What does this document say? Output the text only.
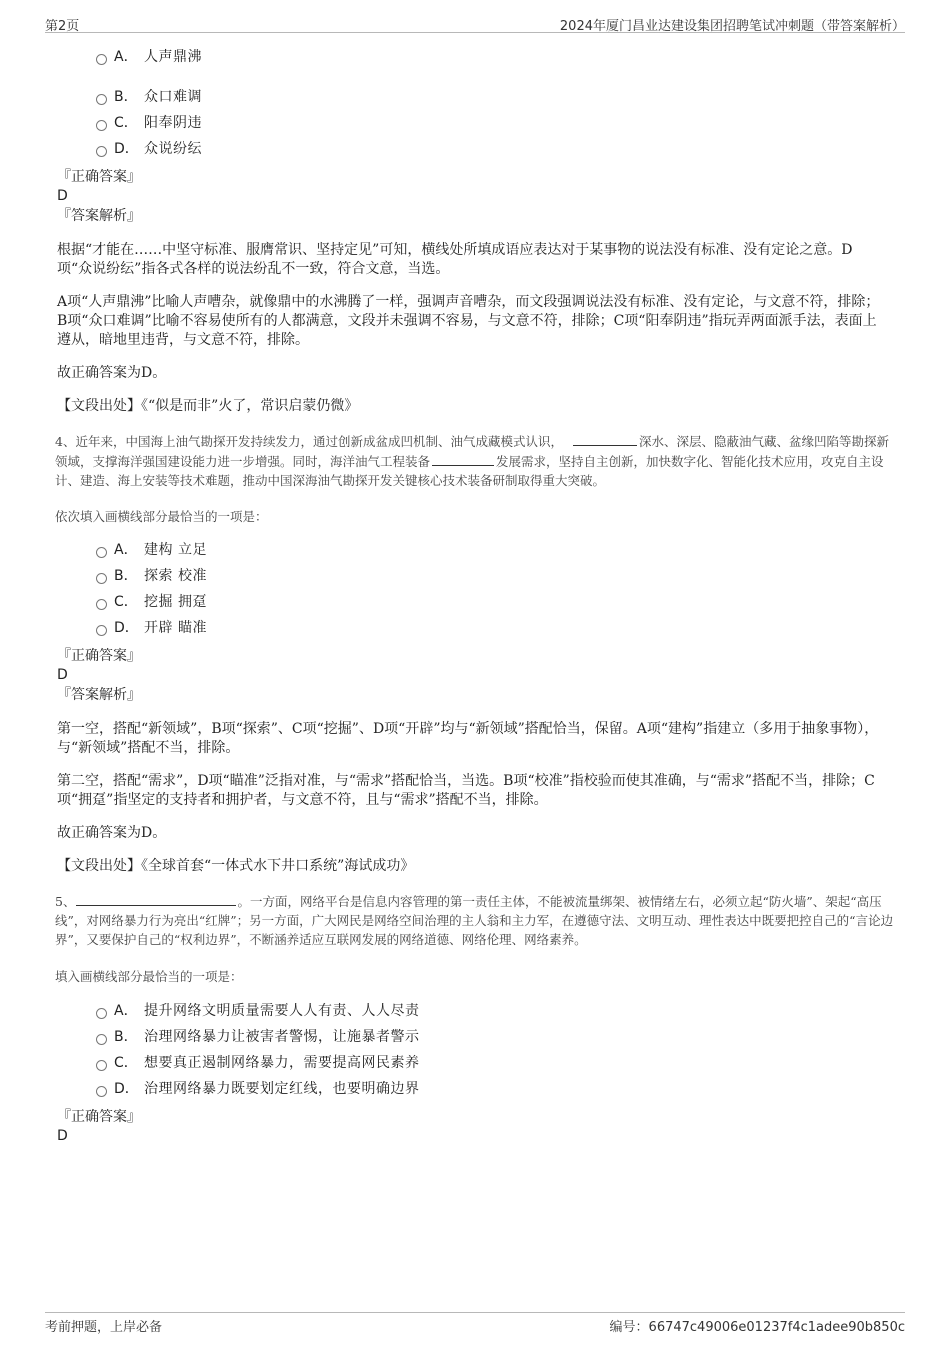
第2页	2024年厦门昌业达建设集团招聘笔试冲刺题（带答案解析）
A． 人声鼎沸
B． 众口难调
C． 阳奉阴违
D． 众说纷纭
『正确答案』
D
『答案解析』
根据“才能在……中坚守标准、服膺常识、坚持定见”可知，横线处所填成语应表达对于某事物的说法没有标准、没有定论之意。D项“众说纷纭”指各式各样的说法纷乱不一致，符合文意，当选。
A项“人声鼎沸”比喻人声嘈杂，就像鼎中的水沸腾了一样，强调声音嘈杂，而文段强调说法没有标准、没有定论，与文意不符，排除；B项“众口难调”比喻不容易使所有的人都满意，文段并未强调不容易，与文意不符，排除；C项“阳奉阴违”指玩弄两面派手法，表面上遵从，暗地里违背，与文意不符，排除。
故正确答案为D。
【文段出处】《“似是而非”火了，常识启蒙仍微》
4、近年来，中国海上油气勘探开发持续发力，通过创新成盆成凹机制、油气成藏模式认识，	深水、深层、隐蔽油气藏、盆缘凹陷等勘探新领域，支撑海洋强国建设能力进一步增强。同时，海洋油气工程装备	发展需求，坚持自主创新，加快数字化、智能化技术应用，攻克自主设计、建造、海上安装等技术难题，推动中国深海油气勘探开发关键核心技术装备研制取得重大突破。
依次填入画横线部分最恰当的一项是：
A． 建构 立足
B． 探索 校准
C． 挖掘 拥趸
D． 开辟 瞄准
『正确答案』
D
『答案解析』
第一空，搭配“新领域”，B项“探索”、C项“挖掘”、D项“开辟”均与“新领域”搭配恰当，保留。A项“建构”指建立（多用于抽象事物），与“新领域”搭配不当，排除。
第二空，搭配“需求”，D项“瞄准”泛指对准，与“需求”搭配恰当，当选。B项“校准”指校验而使其准确，与“需求”搭配不当，排除；C项“拥趸”指坚定的支持者和拥护者，与文意不符，且与“需求”搭配不当，排除。
故正确答案为D。
【文段出处】《全球首套“一体式水下井口系统”海试成功》
5、	。一方面，网络平台是信息内容管理的第一责任主体，不能被流量绑架、被情绪左右，必须立起“防火墙”、架起“高压线”，对网络暴力行为亮出“红牌”；另一方面，广大网民是网络空间治理的主人翁和主力军，在遵德守法、文明互动、理性表达中既要把控自己的“言论边界”，又要保护自己的“权利边界”，不断涵养适应互联网发展的网络道德、网络伦理、网络素养。
填入画横线部分最恰当的一项是：
A． 提升网络文明质量需要人人有责、人人尽责
B． 治理网络暴力让被害者警惕，让施暴者警示
C． 想要真正遏制网络暴力，需要提高网民素养
D． 治理网络暴力既要划定红线，也要明确边界
『正确答案』
D
考前押题，上岸必备	编号：66747c49006e01237f4c1adee90b850c
